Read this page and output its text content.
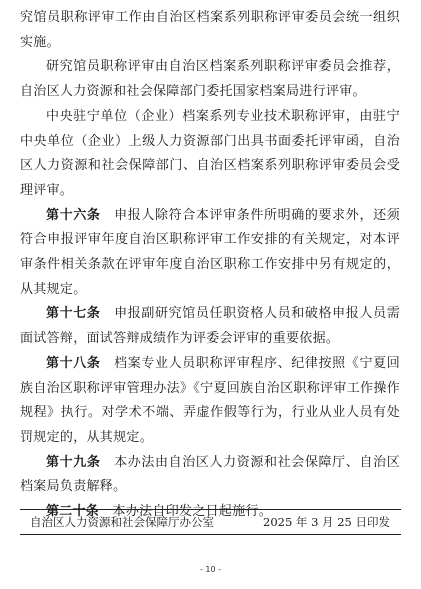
究馆员职称评审工作由自治区档案系列职称评审委员会统一组织实施。

研究馆员职称评审由自治区档案系列职称评审委员会推荐，自治区人力资源和社会保障部门委托国家档案局进行评审。

中央驻宁单位（企业）档案系列专业技术职称评审，由驻宁中央单位（企业）上级人力资源部门出具书面委托评审函，自治区人力资源和社会保障部门、自治区档案系列职称评审委员会受理评审。

第十六条  申报人除符合本评审条件所明确的要求外，还须符合申报评审年度自治区职称评审工作安排的有关规定，对本评审条件相关条款在评审年度自治区职称工作安排中另有规定的，从其规定。

第十七条  申报副研究馆员任职资格人员和破格申报人员需面试答辩，面试答辩成绩作为评委会评审的重要依据。

第十八条  档案专业人员职称评审程序、纪律按照《宁夏回族自治区职称评审管理办法》《宁夏回族自治区职称评审工作操作规程》执行。对学术不端、弄虚作假等行为，行业从业人员有处罚规定的，从其规定。

第十九条  本办法由自治区人力资源和社会保障厅、自治区档案局负责解释。

第二十条  本办法自印发之日起施行。

自治区人力资源和社会保障厅办公室	2025 年 3 月 25 日印发
- 10 -
